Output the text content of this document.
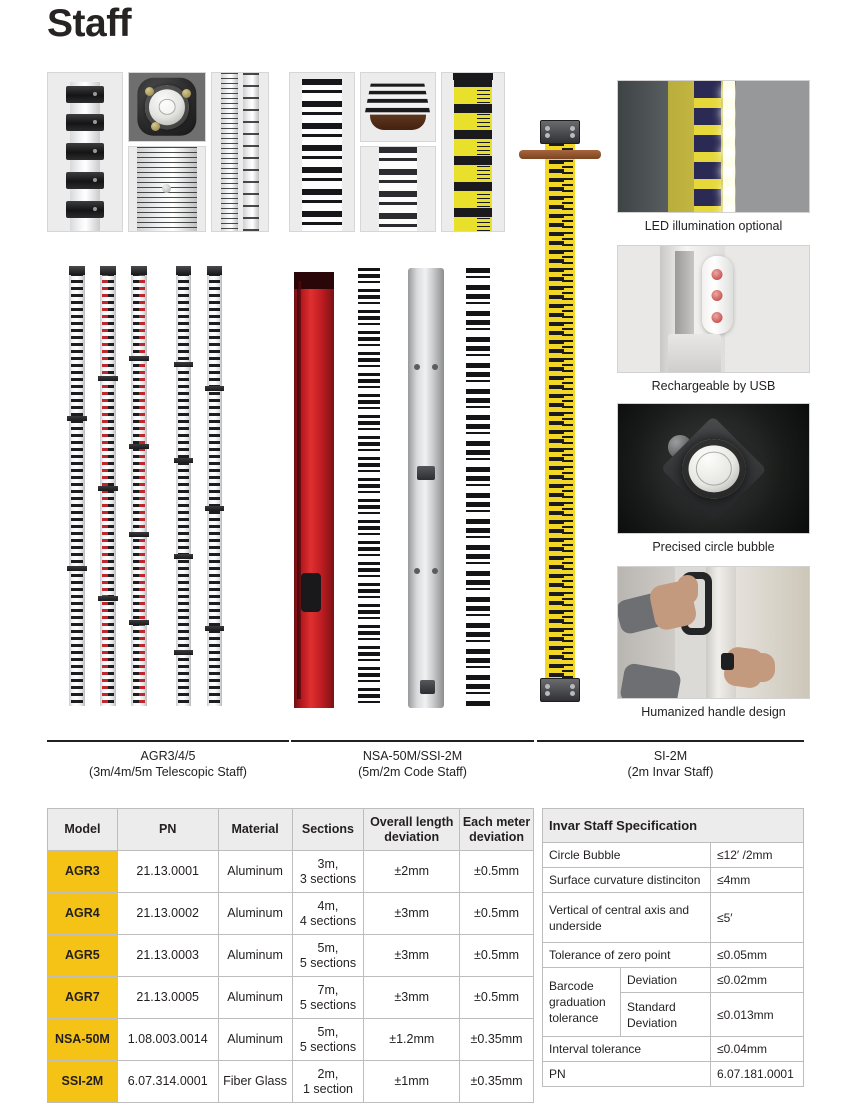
Staff
LED illumination optional
Rechargeable by USB
Precised circle bubble
Humanized handle design
AGR3/4/5
(3m/4m/5m Telescopic Staff)
NSA-50M/SSI-2M
(5m/2m Code Staff)
SI-2M
(2m Invar Staff)
Model	PN	Material	Sections	Overall length deviation	Each meter deviation
AGR3	21.13.0001	Aluminum	3m,
3 sections	±2mm	±0.5mm
AGR4	21.13.0002	Aluminum	4m,
4 sections	±3mm	±0.5mm
AGR5	21.13.0003	Aluminum	5m,
5 sections	±3mm	±0.5mm
AGR7	21.13.0005	Aluminum	7m,
5 sections	±3mm	±0.5mm
NSA-50M	1.08.003.0014	Aluminum	5m,
5 sections	±1.2mm	±0.35mm
SSI-2M	6.07.314.0001	Fiber Glass	2m,
1 section	±1mm	±0.35mm
Invar Staff Specification		
Circle Bubble		≤12′ /2mm
Surface curvature distinciton		≤4mm
Vertical of central axis and underside		≤5′
Tolerance of zero point		≤0.05mm
Barcode graduation tolerance	Deviation	≤0.02mm
	Standard Deviation	≤0.013mm
Interval tolerance		≤0.04mm
PN		6.07.181.0001
